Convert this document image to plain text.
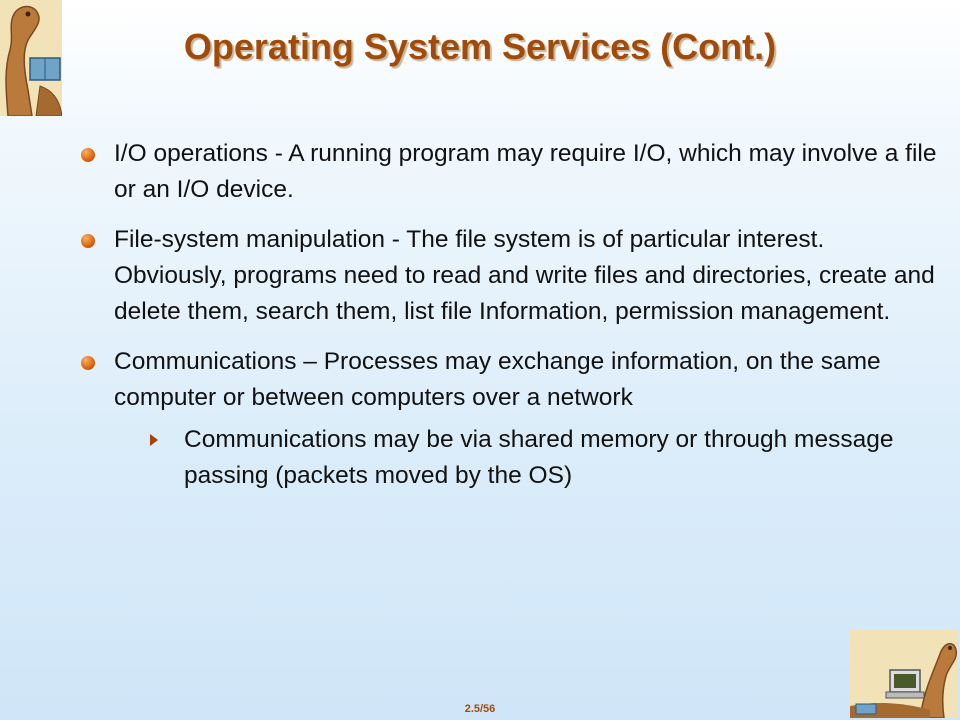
Operating System Services (Cont.)

I/O operations - A running program may require I/O, which may involve a file or an I/O device.

File-system manipulation - The file system is of particular interest. Obviously, programs need to read and write files and directories, create and delete them, search them, list file Information, permission management.

Communications – Processes may exchange information, on the same computer or between computers over a network

Communications may be via shared memory or through message passing (packets moved by the OS)

2.5/56
